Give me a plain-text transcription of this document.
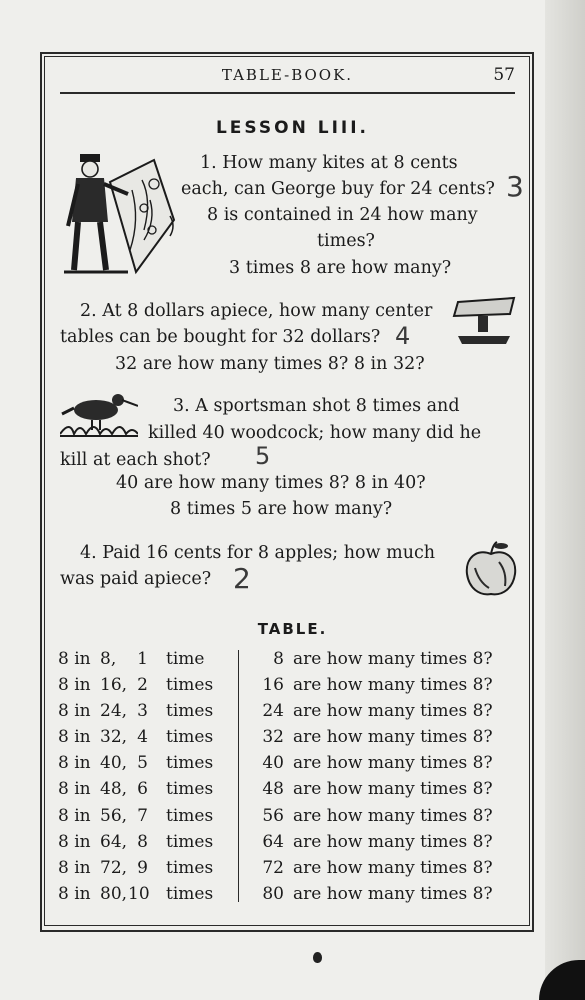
TABLE-BOOK.	57
LESSON LIII.
1. How many kites at 8 cents
each, can George buy for 24 cents?
8 is contained in 24 how many
times?
3 times 8 are how many?
3
2. At 8 dollars apiece, how many center
tables can be bought for 32 dollars?
32 are how many times 8? 8 in 32?
4
3. A sportsman shot 8 times and
killed 40 woodcock; how many did he
kill at each shot?
40 are how many times 8? 8 in 40?
8 times 5 are how many?
5
4. Paid 16 cents for 8 apples; how much
was paid apiece? 2
TABLE.
8 in 8,	1 time
8 in 16, 2 times
8 in 24, 3 times
8 in 32, 4 times
8 in 40, 5 times
8 in 48, 6 times
8 in 56, 7 times
8 in 64, 8 times
8 in 72, 9 times
8 in 80, 10 times
8 are how many times 8?
16 are how many times 8?
24 are how many times 8?
32 are how many times 8?
40 are how many times 8?
48 are how many times 8?
56 are how many times 8?
64 are how many times 8?
72 are how many times 8?
80 are how many times 8?
